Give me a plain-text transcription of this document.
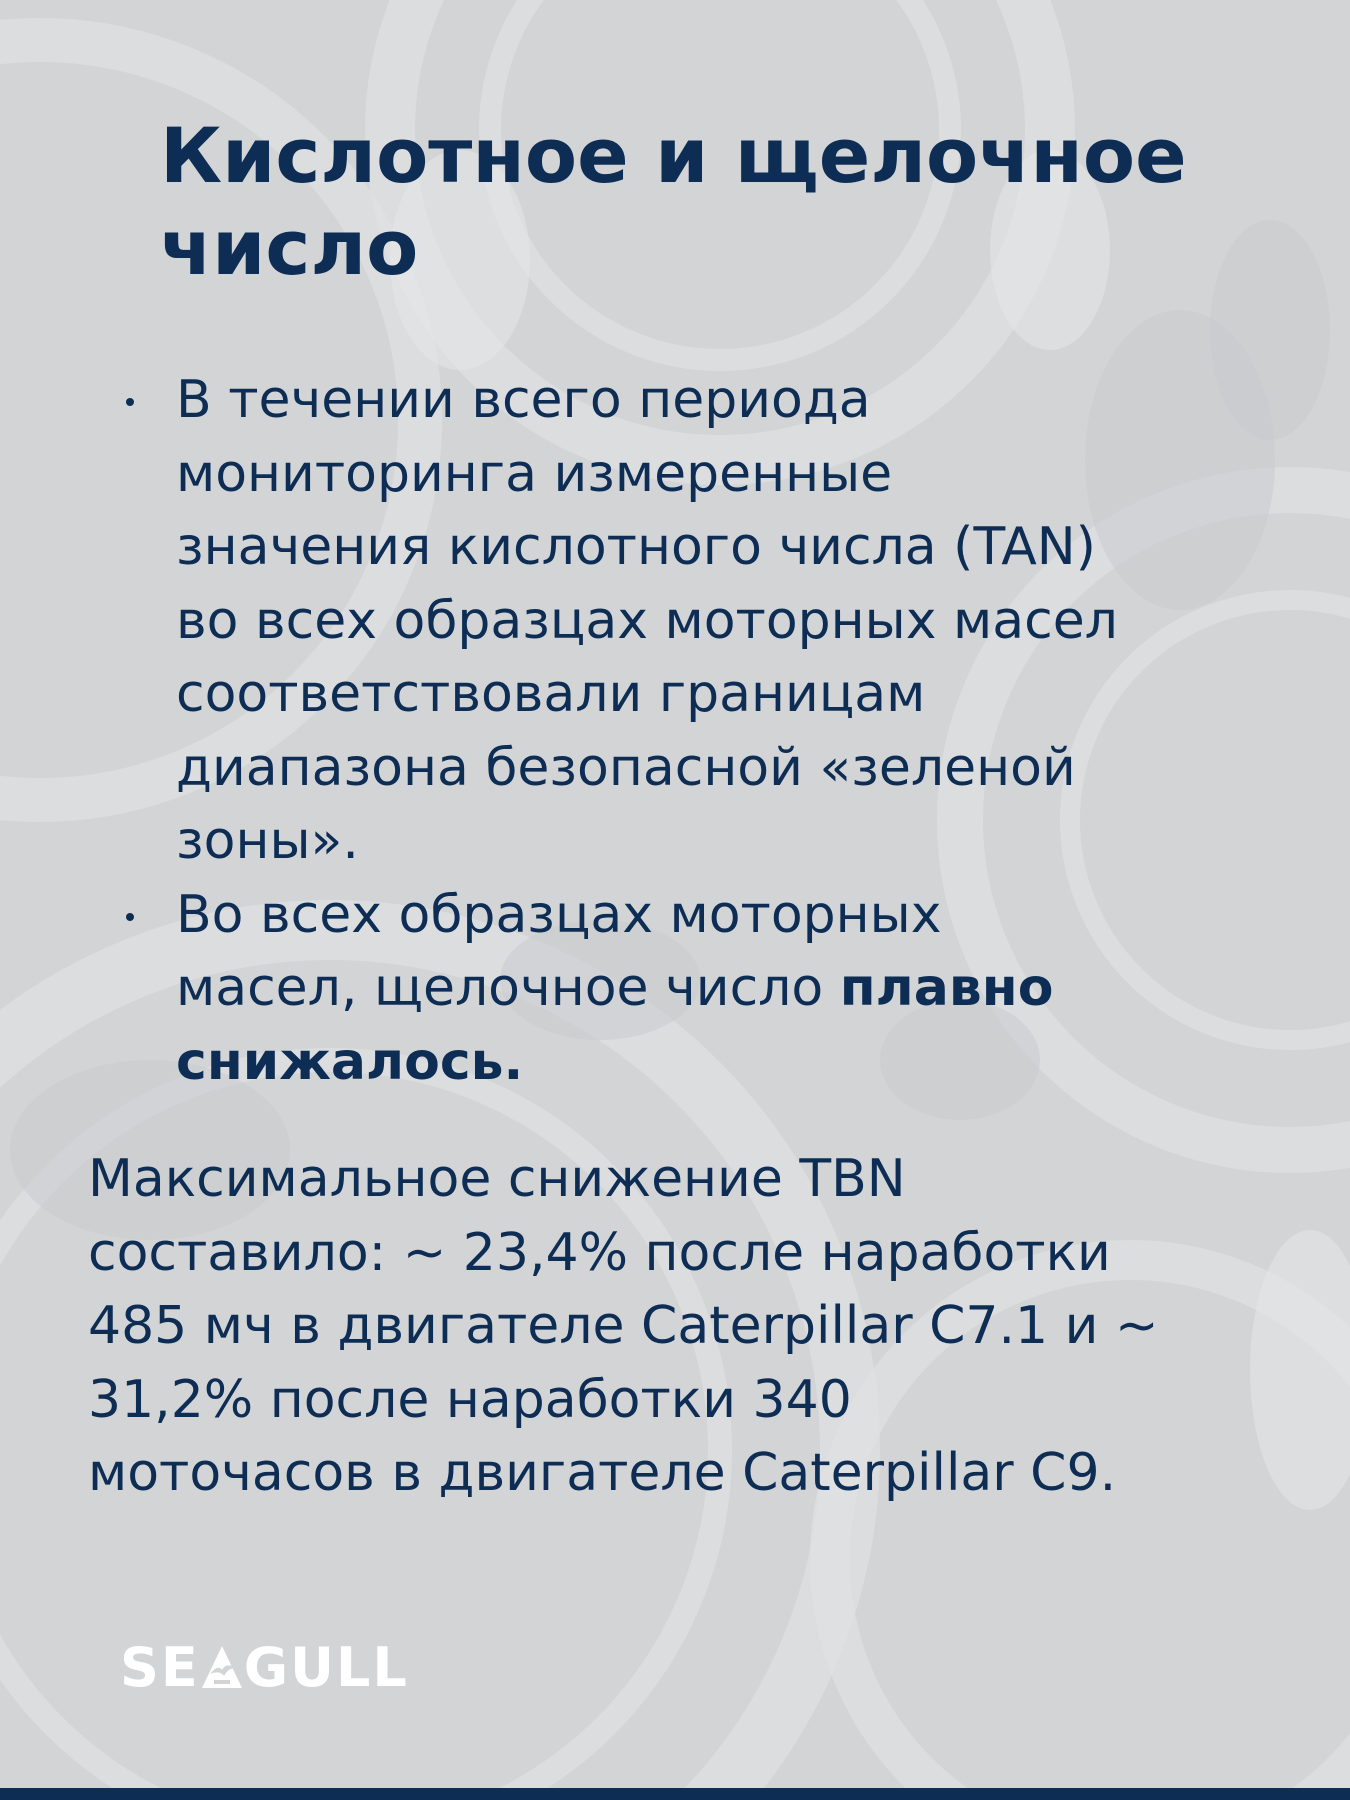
Кислотное и щелочное
число
В течении всего периода
мониторинга измеренные
значения кислотного числа (TAN)
во всех образцах моторных масел
соответствовали границам
диапазона безопасной «зеленой
зоны».
Во всех образцах моторных
масел, щелочное число плавно
снижалось.
Максимальное снижение TBN
составило: ~ 23,4% после наработки
485 мч в двигателе Caterpillar C7.1 и ~
31,2% после наработки 340
моточасов в двигателе Caterpillar C9.
SE GULL
